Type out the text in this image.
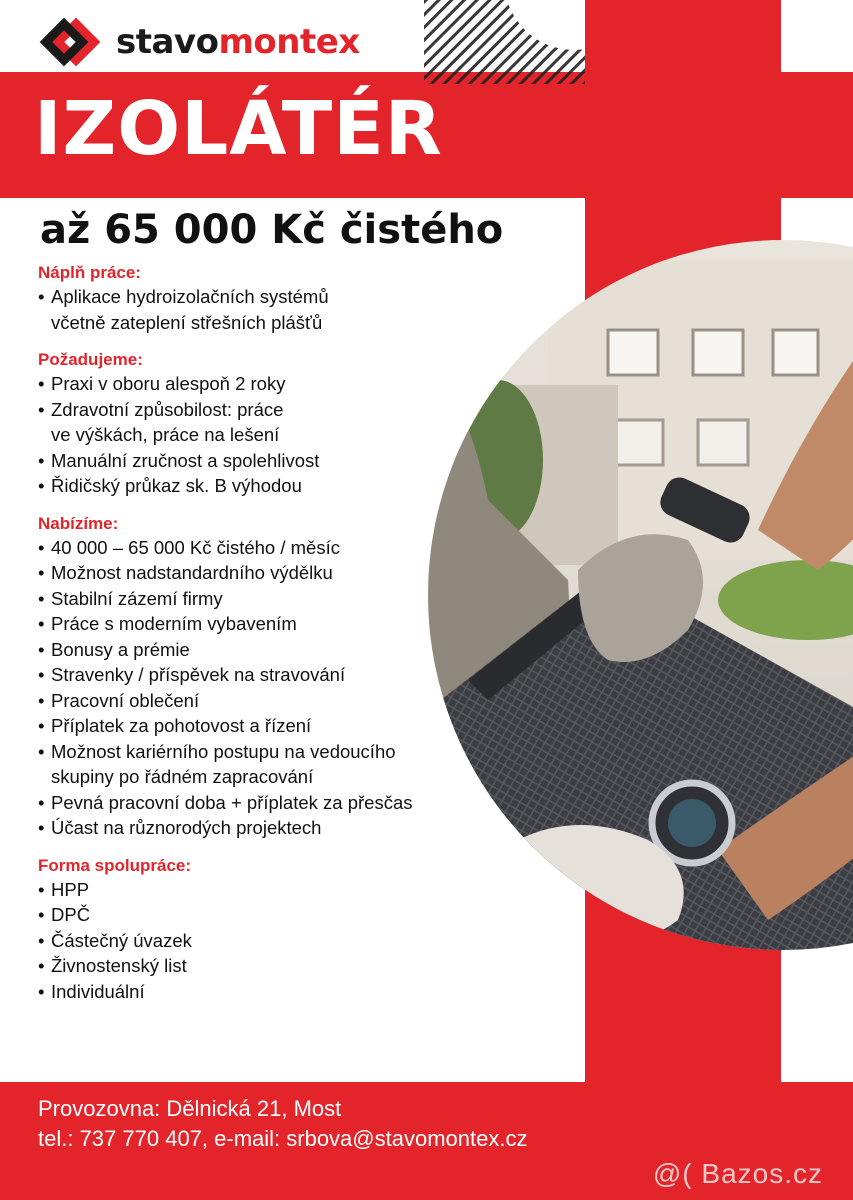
stavomontex
IZOLÁTÉR
až 65 000 Kč čistého
Náplň práce:
• Aplikace hydroizolačních systémů
včetně zateplení střešních plášťů
Požadujeme:
• Praxi v oboru alespoň 2 roky
• Zdravotní způsobilost: práce
ve výškách, práce na lešení
• Manuální zručnost a spolehlivost
• Řidičský průkaz sk. B výhodou
Nabízíme:
• 40 000 – 65 000 Kč čistého / měsíc
• Možnost nadstandardního výdělku
• Stabilní zázemí firmy
• Práce s moderním vybavením
• Bonusy a prémie
• Stravenky / příspěvek na stravování
• Pracovní oblečení
• Příplatek za pohotovost a řízení
• Možnost kariérního postupu na vedoucího
skupiny po řádném zapracování
• Pevná pracovní doba + příplatek za přesčas
• Účast na různorodých projektech
Forma spolupráce:
• HPP
• DPČ
• Částečný úvazek
• Živnostenský list
• Individuální
Provozovna: Dělnická 21, Most
tel.: 737 770 407, e-mail: srbova@stavomontex.cz
@( Bazos.cz
